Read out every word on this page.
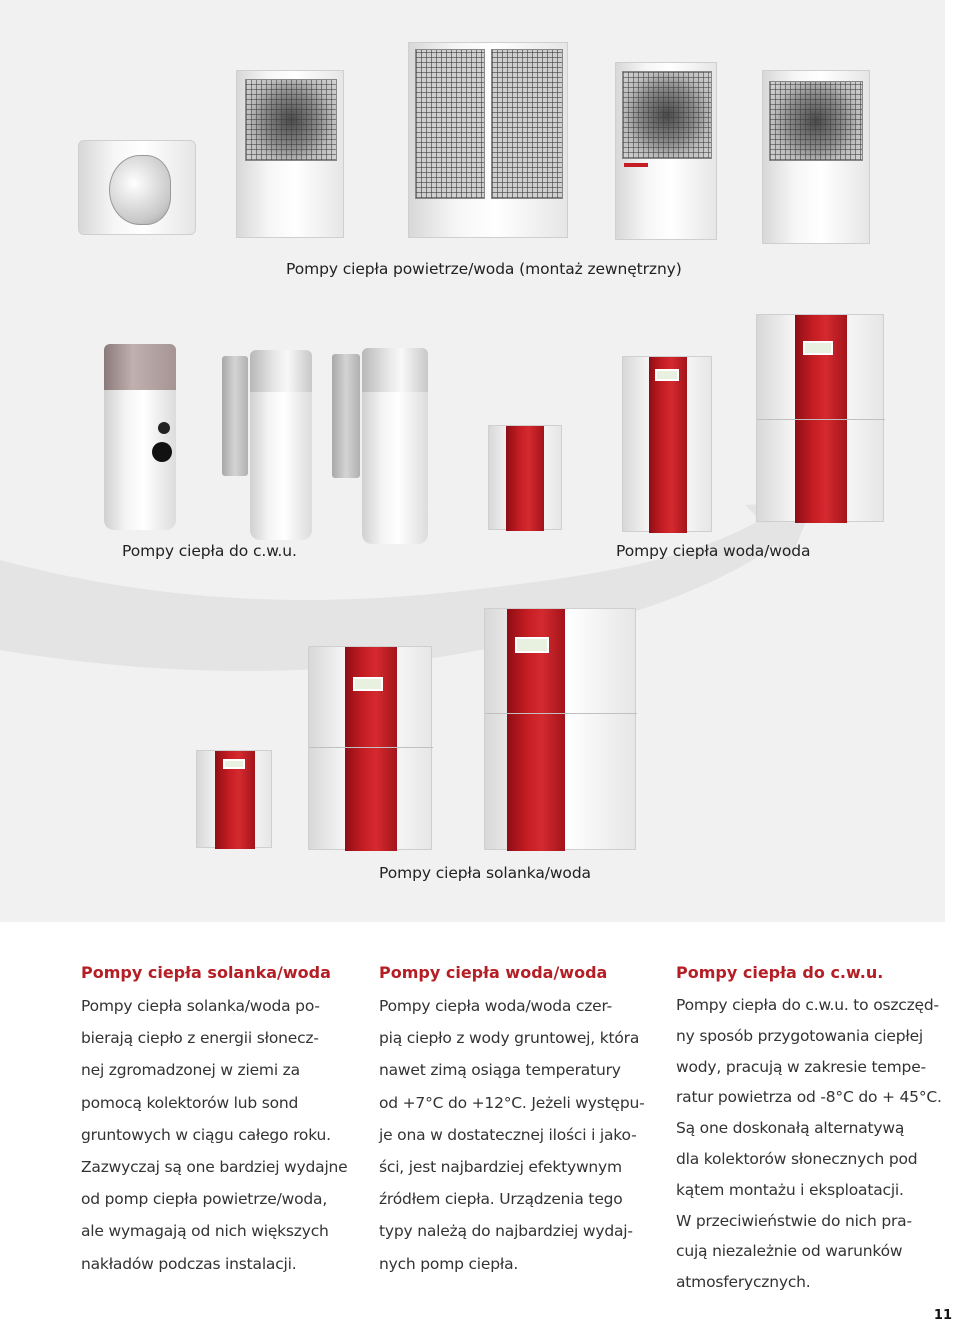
Pompy ciepła powietrze/woda (montaż zewnętrzny)
Pompy ciepła do c.w.u.	Pompy ciepła woda/woda
Pompy ciepła solanka/woda
Pompy ciepła solanka/woda
Pompy ciepła solanka/woda po-
bierają ciepło z energii słonecz-
nej zgromadzonej w ziemi za
pomocą kolektorów lub sond
gruntowych w ciągu całego roku.
Zazwyczaj są one bardziej wydajne
od pomp ciepła powietrze/woda,
ale wymagają od nich większych
nakładów podczas instalacji.
Pompy ciepła woda/woda
Pompy ciepła woda/woda czer-
pią ciepło z wody gruntowej, która
nawet zimą osiąga temperatury
od +7°C do +12°C. Jeżeli występu-
je ona w dostatecznej ilości i jako-
ści, jest najbardziej efektywnym
źródłem ciepła. Urządzenia tego
typy należą do najbardziej wydaj-
nych pomp ciepła.
Pompy ciepła do c.w.u.
Pompy ciepła do c.w.u. to oszczęd-
ny sposób przygotowania ciepłej
wody, pracują w zakresie tempe-
ratur powietrza od -8°C do + 45°C.
Są one doskonałą alternatywą
dla kolektorów słonecznych pod
kątem montażu i eksploatacji.
W przeciwieństwie do nich pra-
cują niezależnie od warunków
atmosferycznych.
11
